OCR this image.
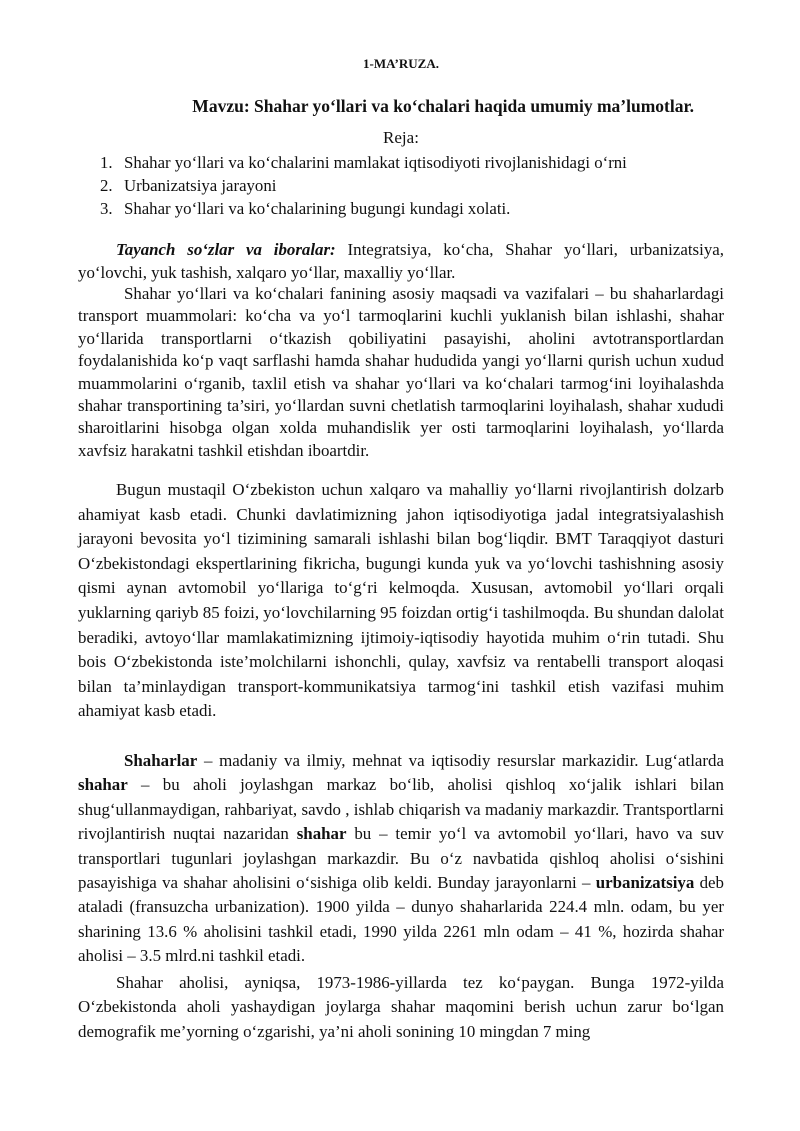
1-MA’RUZA.
Mavzu: Shahar yo‘llari va ko‘chalari haqida umumiy ma’lumotlar.
Reja:
1. Shahar yo‘llari va ko‘chalarini mamlakat iqtisodiyoti rivojlanishidagi o‘rni
2. Urbanizatsiya jarayoni
3. Shahar yo‘llari va ko‘chalarining bugungi kundagi xolati.

Tayanch so‘zlar va iboralar: Integratsiya, ko‘cha, Shahar yo‘llari, urbanizatsiya, yo‘lovchi, yuk tashish, xalqaro yo‘llar, maxalliy yo‘llar.

Shahar yo‘llari va ko‘chalari fanining asosiy maqsadi va vazifalari – bu shaharlardagi transport muammolari: ko‘cha va yo‘l tarmoqlarini kuchli yuklanish bilan ishlashi, shahar yo‘llarida transportlarni o‘tkazish qobiliyatini pasayishi, aholini avtotransportlardan foydalanishida ko‘p vaqt sarflashi hamda shahar hududida yangi yo‘llarni qurish uchun xudud muammolarini o‘rganib, taxlil etish va shahar yo‘llari va ko‘chalari tarmog‘ini loyihalashda shahar transportining ta’siri, yo‘llardan suvni chetlatish tarmoqlarini loyihalash, shahar xududi sharoitlarini hisobga olgan xolda muhandislik yer osti tarmoqlarini loyihalash, yo‘llarda xavfsiz harakatni tashkil etishdan iboartdir.

Bugun mustaqil O‘zbekiston uchun xalqaro va mahalliy yo‘llarni rivojlantirish dolzarb ahamiyat kasb etadi. Chunki davlatimizning jahon iqtisodiyotiga jadal integratsiyalashish jarayoni bevosita yo‘l tizimining samarali ishlashi bilan bog‘liqdir. BMT Taraqqiyot dasturi O‘zbekistondagi ekspertlarining fikricha, bugungi kunda yuk va yo‘lovchi tashishning asosiy qismi aynan avtomobil yo‘llariga to‘g‘ri kelmoqda. Xususan, avtomobil yo‘llari orqali yuklarning qariyb 85 foizi, yo‘lovchilarning 95 foizdan ortig‘i tashilmoqda. Bu shundan dalolat beradiki, avtoyo‘llar mamlakatimizning ijtimoiy-iqtisodiy hayotida muhim o‘rin tutadi. Shu bois O‘zbekistonda iste’molchilarni ishonchli, qulay, xavfsiz va rentabelli transport aloqasi bilan ta’minlaydigan transport-kommunikatsiya tarmog‘ini tashkil etish vazifasi muhim ahamiyat kasb etadi.

Shaharlar – madaniy va ilmiy, mehnat va iqtisodiy resurslar markazidir. Lug‘atlarda shahar – bu aholi joylashgan markaz bo‘lib, aholisi qishloq xo‘jalik ishlari bilan shug‘ullanmaydigan, rahbariyat, savdo , ishlab chiqarish va madaniy markazdir. Trantsportlarni rivojlantirish nuqtai nazaridan shahar bu – temir yo‘l va avtomobil yo‘llari, havo va suv transportlari tugunlari joylashgan markazdir. Bu o‘z navbatida qishloq aholisi o‘sishini pasayishiga va shahar aholisini o‘sishiga olib keldi. Bunday jarayonlarni – urbanizatsiya deb ataladi (fransuzcha urbanization). 1900 yilda – dunyo shaharlarida 224.4 mln. odam, bu yer sharining 13.6 % aholisini tashkil etadi, 1990 yilda 2261 mln odam – 41 %, hozirda shahar aholisi – 3.5 mlrd.ni tashkil etadi.

Shahar aholisi, ayniqsa, 1973-1986-yillarda tez ko‘paygan. Bunga 1972-yilda O‘zbekistonda aholi yashaydigan joylarga shahar maqomini berish uchun zarur bo‘lgan demografik me’yorning o‘zgarishi, ya’ni aholi sonining 10 mingdan 7 ming
